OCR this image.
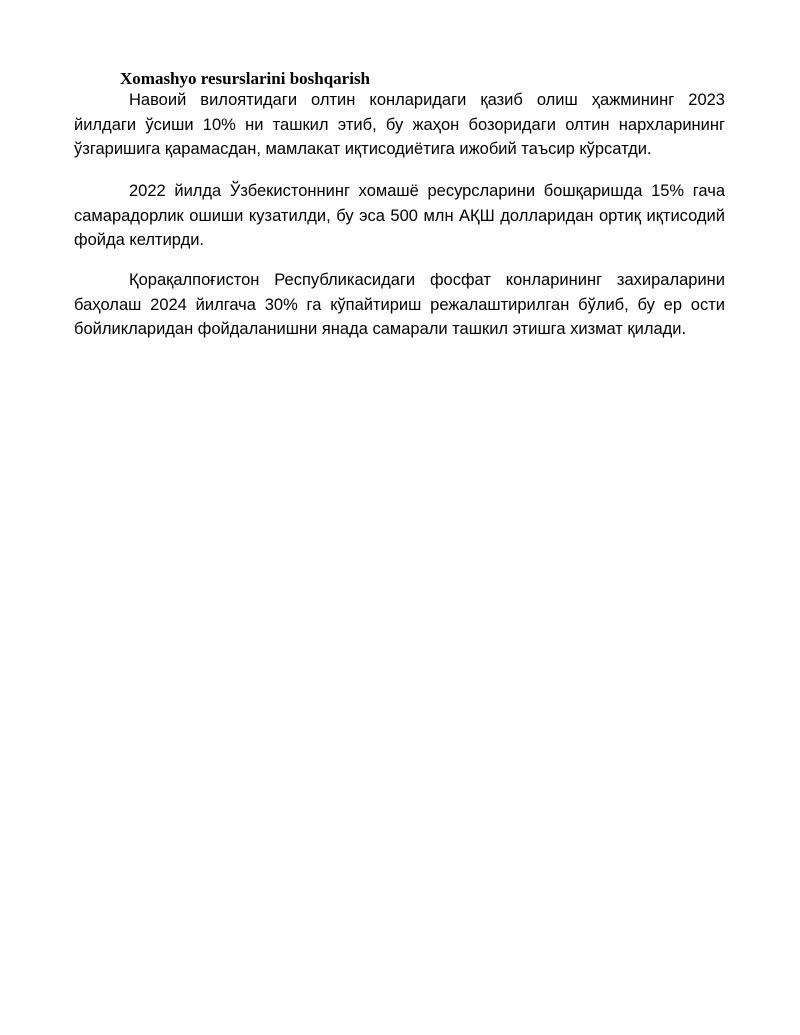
Xomashyo resurslarini boshqarish

Навоий вилоятидаги олтин конларидаги қазиб олиш ҳажмининг 2023 йилдаги ўсиши 10% ни ташкил этиб, бу жаҳон бозоридаги олтин нархларининг ўзгаришига қарамасдан, мамлакат иқтисодиётига ижобий таъсир кўрсатди.

2022 йилда Ўзбекистоннинг хомашё ресурсларини бошқаришда 15% гача самарадорлик ошиши кузатилди, бу эса 500 млн АҚШ долларидан ортиқ иқтисодий фойда келтирди.

Қорақалпоғистон Республикасидаги фосфат конларининг захираларини баҳолаш 2024 йилгача 30% га кўпайтириш режалаштирилган бўлиб, бу ер ости бойликларидан фойдаланишни янада самарали ташкил этишга хизмат қилади.
